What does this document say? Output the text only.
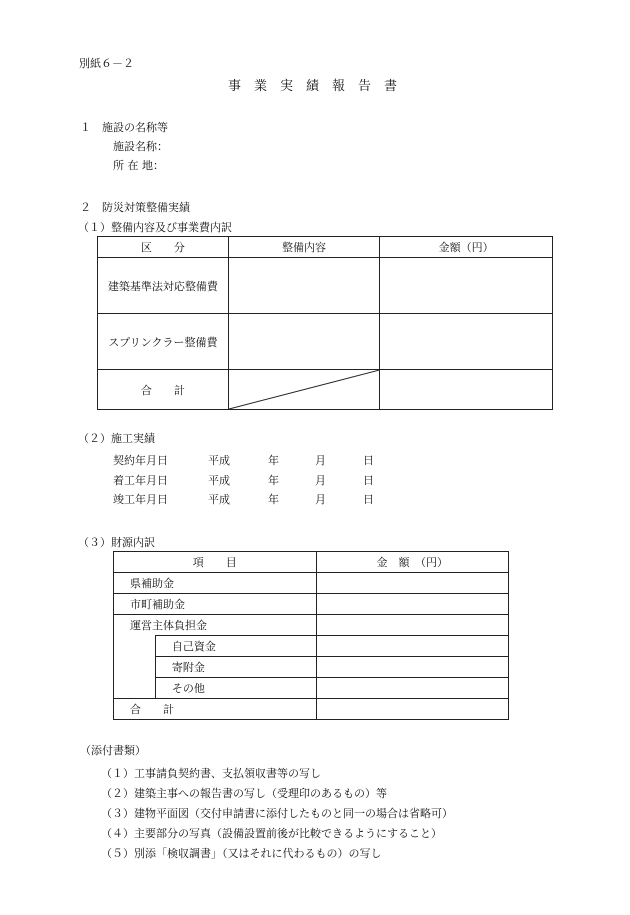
別紙６－２
事業実績報告書
１　施設の名称等
施設名称：
所 在 地：
２　防災対策整備実績
（１）整備内容及び事業費内訳
区　　分	整備内容	金額（円）
建築基準法対応整備費		
スプリンクラー整備費		
合　　計	

（２）施工実績
契約年月日	平成	年	月	日
着工年月日	平成	年	月	日
竣工年月日	平成	年	月	日
（３）財源内訳
項　　目		金　額　（円）
県補助金		
市町補助金		
運営主体負担金		
	自己資金	
	寄附金	
	その他	
合　　計		
（添付書類）
（１）工事請負契約書、支払領収書等の写し
（２）建築主事への報告書の写し（受理印のあるもの）等
（３）建物平面図（交付申請書に添付したものと同一の場合は省略可）
（４）主要部分の写真（設備設置前後が比較できるようにすること）
（５）別添「検収調書」（又はそれに代わるもの）の写し
